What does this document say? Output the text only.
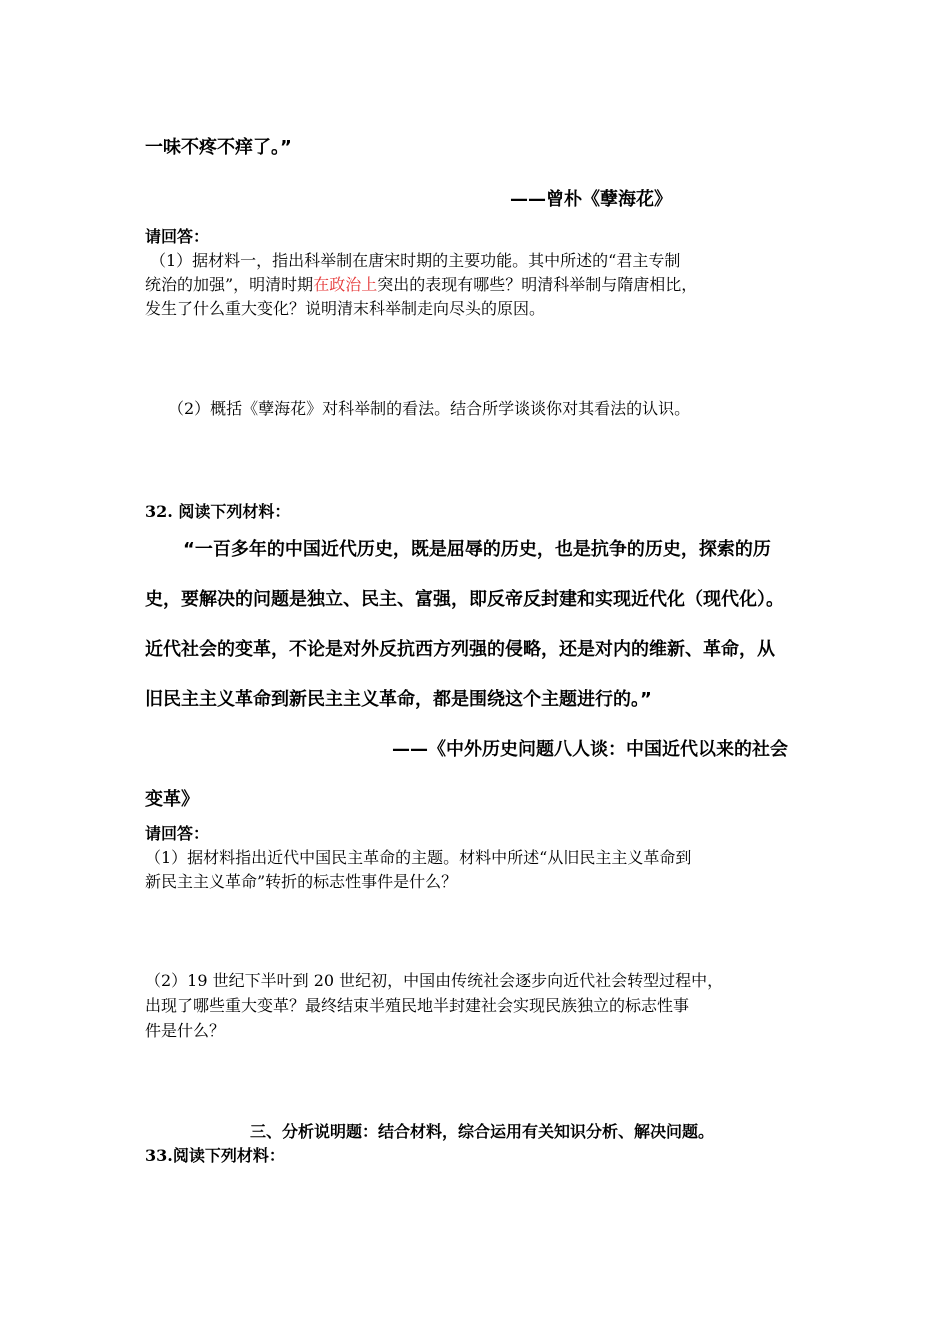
一味不疼不痒了。”
——曾朴《孽海花》
请回答：
（1）据材料一，指出科举制在唐宋时期的主要功能。其中所述的“君主专制
统治的加强”，明清时期在政治上突出的表现有哪些？明清科举制与隋唐相比，
发生了什么重大变化？说明清末科举制走向尽头的原因。
（2）概括《孽海花》对科举制的看法。结合所学谈谈你对其看法的认识。
32. 阅读下列材料：
“一百多年的中国近代历史，既是屈辱的历史，也是抗争的历史，探索的历
史，要解决的问题是独立、民主、富强，即反帝反封建和实现近代化（现代化）。
近代社会的变革，不论是对外反抗西方列强的侵略，还是对内的维新、革命，从
旧民主主义革命到新民主主义革命，都是围绕这个主题进行的。”
——《中外历史问题八人谈：中国近代以来的社会
变革》
请回答：
（1）据材料指出近代中国民主革命的主题。材料中所述“从旧民主主义革命到
新民主主义革命”转折的标志性事件是什么？
（2）19 世纪下半叶到 20 世纪初，中国由传统社会逐步向近代社会转型过程中，
出现了哪些重大变革？最终结束半殖民地半封建社会实现民族独立的标志性事
件是什么？
三、分析说明题：结合材料，综合运用有关知识分析、解决问题。
33.阅读下列材料：
